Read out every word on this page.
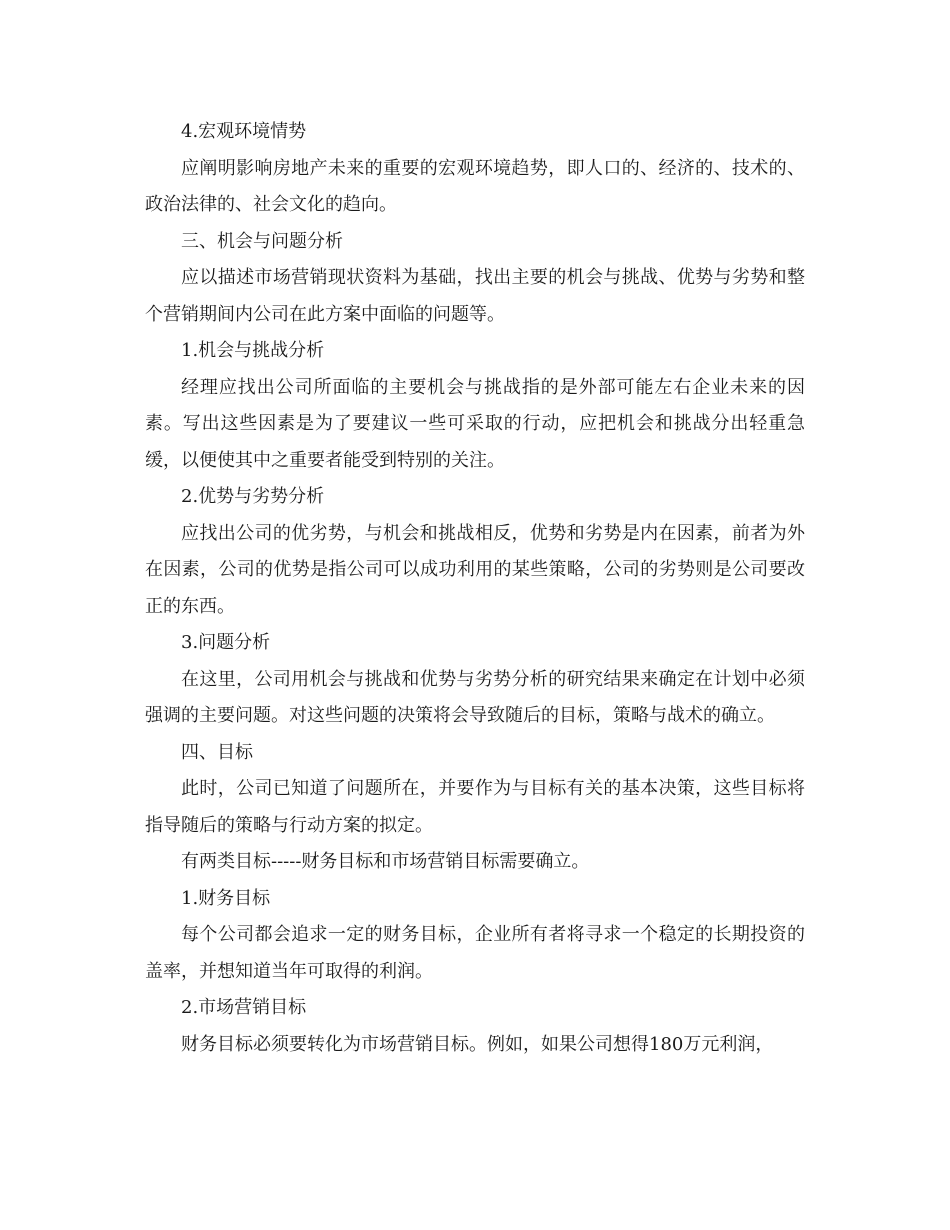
4.宏观环境情势

应阐明影响房地产未来的重要的宏观环境趋势，即人口的、经济的、技术的、政治法律的、社会文化的趋向。

三、机会与问题分析

应以描述市场营销现状资料为基础，找出主要的机会与挑战、优势与劣势和整个营销期间内公司在此方案中面临的问题等。

1.机会与挑战分析

经理应找出公司所面临的主要机会与挑战指的是外部可能左右企业未来的因素。写出这些因素是为了要建议一些可采取的行动，应把机会和挑战分出轻重急缓，以便使其中之重要者能受到特别的关注。

2.优势与劣势分析

应找出公司的优劣势，与机会和挑战相反，优势和劣势是内在因素，前者为外在因素，公司的优势是指公司可以成功利用的某些策略，公司的劣势则是公司要改正的东西。

3.问题分析

在这里，公司用机会与挑战和优势与劣势分析的研究结果来确定在计划中必须强调的主要问题。对这些问题的决策将会导致随后的目标，策略与战术的确立。

四、目标

此时，公司已知道了问题所在，并要作为与目标有关的基本决策，这些目标将指导随后的策略与行动方案的拟定。

有两类目标-----财务目标和市场营销目标需要确立。

1.财务目标

每个公司都会追求一定的财务目标，企业所有者将寻求一个稳定的长期投资的盖率，并想知道当年可取得的利润。

2.市场营销目标

财务目标必须要转化为市场营销目标。例如，如果公司想得180万元利润，
